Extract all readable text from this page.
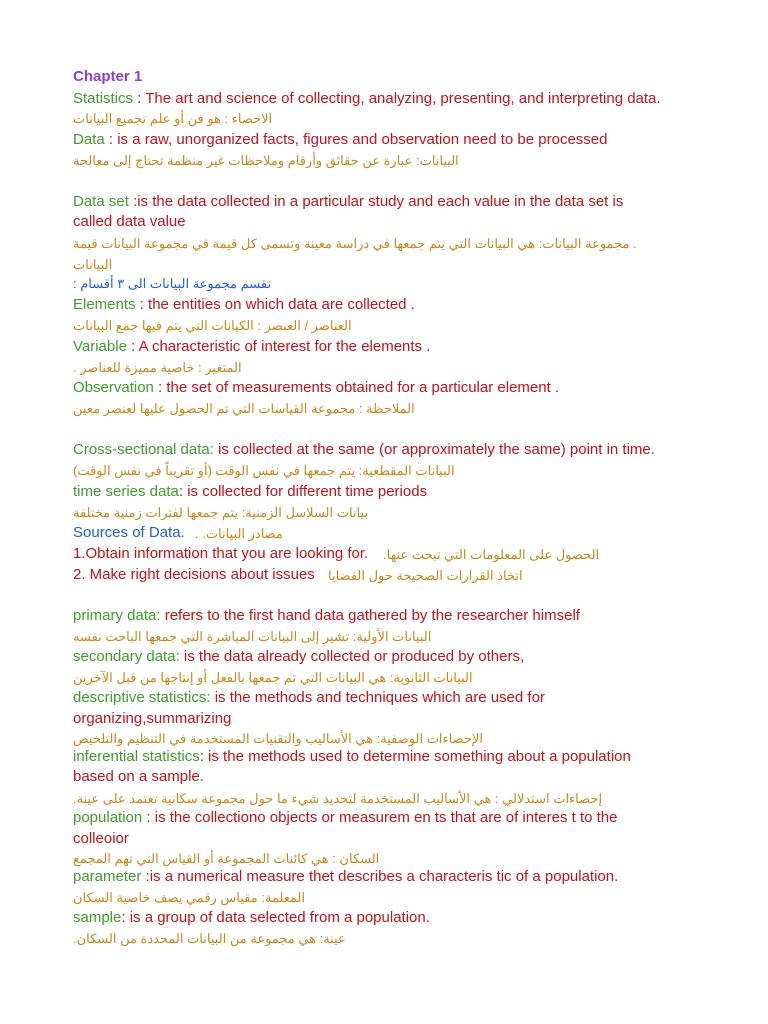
Chapter 1
Statistics : The art and science of collecting, analyzing, presenting, and interpreting data.
الاحصاء : هو فن أو علم تجميع البيانات
Data : is a raw, unorganized facts, figures and observation need to be processed
البيانات: عبارة عن حقائق وأرقام وملاحظات غير منظمة تحتاج إلى معالجة
Data set :is the data collected in a particular study and each value in the data set is
called data value
. مجموعة البيانات: هي البيانات التي يتم جمعها في دراسة معينة وتسمى كل قيمة في مجموعة البيانات قيمة
البيانات
نقسم مجموعة البيانات الى ٣ أقسام :
Elements : the entities on which data are collected .
العناصر / العنصر : الكيانات التي يتم فيها جمع البيانات
Variable : A characteristic of interest for the elements .
المتغير : خاصية مميزة للعناصر .
Observation : the set of measurements obtained for a particular element .
الملاحظة : مجموعة القياسات التي تم الحصول عليها لعنصر معين
Cross-sectional data: is collected at the same (or approximately the same) point in time.
البيانات المقطعية: يتم جمعها في نفس الوقت (أو تقريباً في نفس الوقت)
time series data: is collected for different time periods
بيانات السلاسل الزمنية: يتم جمعها لفترات زمنية مختلفة
Sources of Data. مصادر البيانات. .
1.Obtain information that you are looking for. الحصول على المعلومات التي تبحث عنها.
2. Make right decisions about issues اتخاذ القرارات الصحيحة حول القضايا
primary data: refers to the first hand data gathered by the researcher himself
البيانات الأولية: تشير إلى البيانات المباشرة التي جمعها الباحث نفسه
secondary data: is the data already collected or produced by others,
البيانات الثانوية: هي البيانات التي تم جمعها بالفعل أو إنتاجها من قبل الآخرين
descriptive statistics: is the methods and techniques which are used for
organizing,summarizing
الإحصاءات الوصفية: هي الأساليب والتقنيات المستخدمة في التنظيم والتلخيص
inferential statistics: is the methods used to determine something about a population
based on a sample.
إحصاءات استدلالي : هي الأساليب المستخدمة لتحديد شيء ما حول مجموعة سكانية تعتمد على عينة.
population : is the collectiono objects or measurem en ts that are of interes t to the
colleoior
السكان : هي كائنات المجموعة أو القياس التي تهم المجمع
parameter :is a numerical measure thet describes a characteris tic of a population.
المعلمة: مقياس رقمي يصف خاصية السكان
sample: is a group of data selected from a population.
عينة: هي مجموعة من البيانات المحددة من السكان.
